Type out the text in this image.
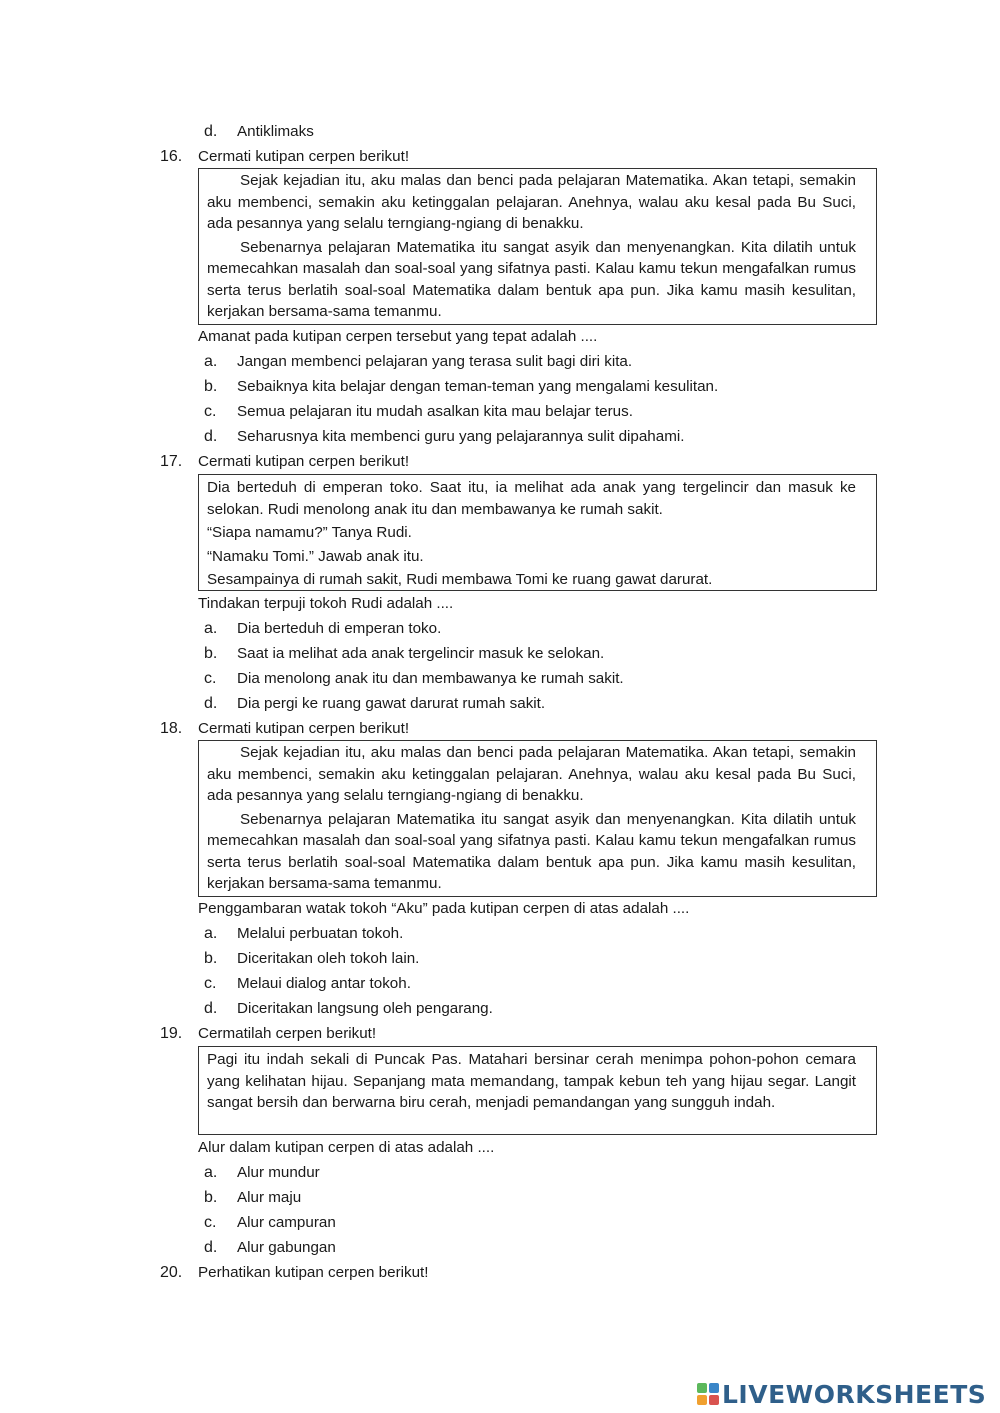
d. Antiklimaks
16. Cermati kutipan cerpen berikut!

Sejak kejadian itu, aku malas dan benci pada pelajaran Matematika. Akan tetapi, semakin aku membenci, semakin aku ketinggalan pelajaran. Anehnya, walau aku kesal pada Bu Suci, ada pesannya yang selalu terngiang-ngiang di benakku.

Sebenarnya pelajaran Matematika itu sangat asyik dan menyenangkan. Kita dilatih untuk memecahkan masalah dan soal-soal yang sifatnya pasti. Kalau kamu tekun mengafalkan rumus serta terus berlatih soal-soal Matematika dalam bentuk apa pun. Jika kamu masih kesulitan, kerjakan bersama-sama temanmu.

Amanat pada kutipan cerpen tersebut yang tepat adalah ....
a. Jangan membenci pelajaran yang terasa sulit bagi diri kita.
b. Sebaiknya kita belajar dengan teman-teman yang mengalami kesulitan.
c. Semua pelajaran itu mudah asalkan kita mau belajar terus.
d. Seharusnya kita membenci guru yang pelajarannya sulit dipahami.
17. Cermati kutipan cerpen berikut!

Dia berteduh di emperan toko. Saat itu, ia melihat ada anak yang tergelincir dan masuk ke selokan. Rudi menolong anak itu dan membawanya ke rumah sakit.

“Siapa namamu?” Tanya Rudi.

“Namaku Tomi.” Jawab anak itu.

Sesampainya di rumah sakit, Rudi membawa Tomi ke ruang gawat darurat.

Tindakan terpuji tokoh Rudi adalah ....
a. Dia berteduh di emperan toko.
b. Saat ia melihat ada anak tergelincir masuk ke selokan.
c. Dia menolong anak itu dan membawanya ke rumah sakit.
d. Dia pergi ke ruang gawat darurat rumah sakit.
18. Cermati kutipan cerpen berikut!

Sejak kejadian itu, aku malas dan benci pada pelajaran Matematika. Akan tetapi, semakin aku membenci, semakin aku ketinggalan pelajaran. Anehnya, walau aku kesal pada Bu Suci, ada pesannya yang selalu terngiang-ngiang di benakku.

Sebenarnya pelajaran Matematika itu sangat asyik dan menyenangkan. Kita dilatih untuk memecahkan masalah dan soal-soal yang sifatnya pasti. Kalau kamu tekun mengafalkan rumus serta terus berlatih soal-soal Matematika dalam bentuk apa pun. Jika kamu masih kesulitan, kerjakan bersama-sama temanmu.

Penggambaran watak tokoh “Aku” pada kutipan cerpen di atas adalah ....
a. Melalui perbuatan tokoh.
b. Diceritakan oleh tokoh lain.
c. Melaui dialog antar tokoh.
d. Diceritakan langsung oleh pengarang.
19. Cermatilah cerpen berikut!

Pagi itu indah sekali di Puncak Pas. Matahari bersinar cerah menimpa pohon-pohon cemara yang kelihatan hijau. Sepanjang mata memandang, tampak kebun teh yang hijau segar. Langit sangat bersih dan berwarna biru cerah, menjadi pemandangan yang sungguh indah.

Alur dalam kutipan cerpen di atas adalah ....
a. Alur mundur
b. Alur maju
c. Alur campuran
d. Alur gabungan
20. Perhatikan kutipan cerpen berikut!
LIVEWORKSHEETS
